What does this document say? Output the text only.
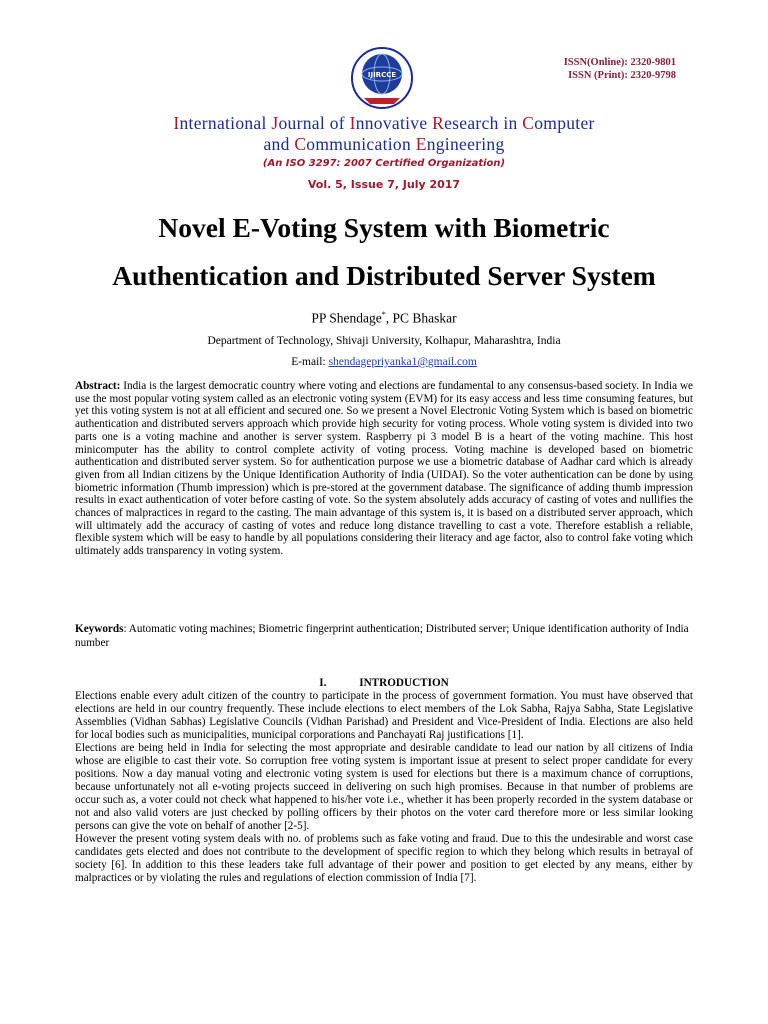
IJIRCCE
ISSN(Online): 2320-9801
ISSN (Print): 2320-9798
International Journal of Innovative Research in Computer
and Communication Engineering
(An ISO 3297: 2007 Certified Organization)
Vol. 5, Issue 7, July 2017
Novel E-Voting System with Biometric
Authentication and Distributed Server System
PP Shendage*, PC Bhaskar
Department of Technology, Shivaji University, Kolhapur, Maharashtra, India
E-mail: shendagepriyanka1@gmail.com
Abstract: India is the largest democratic country where voting and elections are fundamental to any consensus-based society. In India we use the most popular voting system called as an electronic voting system (EVM) for its easy access and less time consuming features, but yet this voting system is not at all efficient and secured one. So we present a Novel Electronic Voting System which is based on biometric authentication and distributed servers approach which provide high security for voting process. Whole voting system is divided into two parts one is a voting machine and another is server system. Raspberry pi 3 model B is a heart of the voting machine. This host minicomputer has the ability to control complete activity of voting process. Voting machine is developed based on biometric authentication and distributed server system. So for authentication purpose we use a biometric database of Aadhar card which is already given from all Indian citizens by the Unique Identification Authority of India (UIDAI). So the voter authentication can be done by using biometric information (Thumb impression) which is pre-stored at the government database. The significance of adding thumb impression results in exact authentication of voter before casting of vote. So the system absolutely adds accuracy of casting of votes and nullifies the chances of malpractices in regard to the casting. The main advantage of this system is, it is based on a distributed server approach, which will ultimately add the accuracy of casting of votes and reduce long distance travelling to cast a vote. Therefore establish a reliable, flexible system which will be easy to handle by all populations considering their literacy and age factor, also to control fake voting which ultimately adds transparency in voting system.
Keywords: Automatic voting machines; Biometric fingerprint authentication; Distributed server; Unique identification authority of India number
I.	INTRODUCTION

Elections enable every adult citizen of the country to participate in the process of government formation. You must have observed that elections are held in our country frequently. These include elections to elect members of the Lok Sabha, Rajya Sabha, State Legislative Assemblies (Vidhan Sabhas) Legislative Councils (Vidhan Parishad) and President and Vice-President of India. Elections are also held for local bodies such as municipalities, municipal corporations and Panchayati Raj justifications [1].

Elections are being held in India for selecting the most appropriate and desirable candidate to lead our nation by all citizens of India whose are eligible to cast their vote. So corruption free voting system is important issue at present to select proper candidate for every positions. Now a day manual voting and electronic voting system is used for elections but there is a maximum chance of corruptions, because unfortunately not all e-voting projects succeed in delivering on such high promises. Because in that number of problems are occur such as, a voter could not check what happened to his/her vote i.e., whether it has been properly recorded in the system database or not and also valid voters are just checked by polling officers by their photos on the voter card therefore more or less similar looking persons can give the vote on behalf of another [2-5].

However the present voting system deals with no. of problems such as fake voting and fraud. Due to this the undesirable and worst case candidates gets elected and does not contribute to the development of specific region to which they belong which results in betrayal of society [6]. In addition to this these leaders take full advantage of their power and position to get elected by any means, either by malpractices or by violating the rules and regulations of election commission of India [7].
